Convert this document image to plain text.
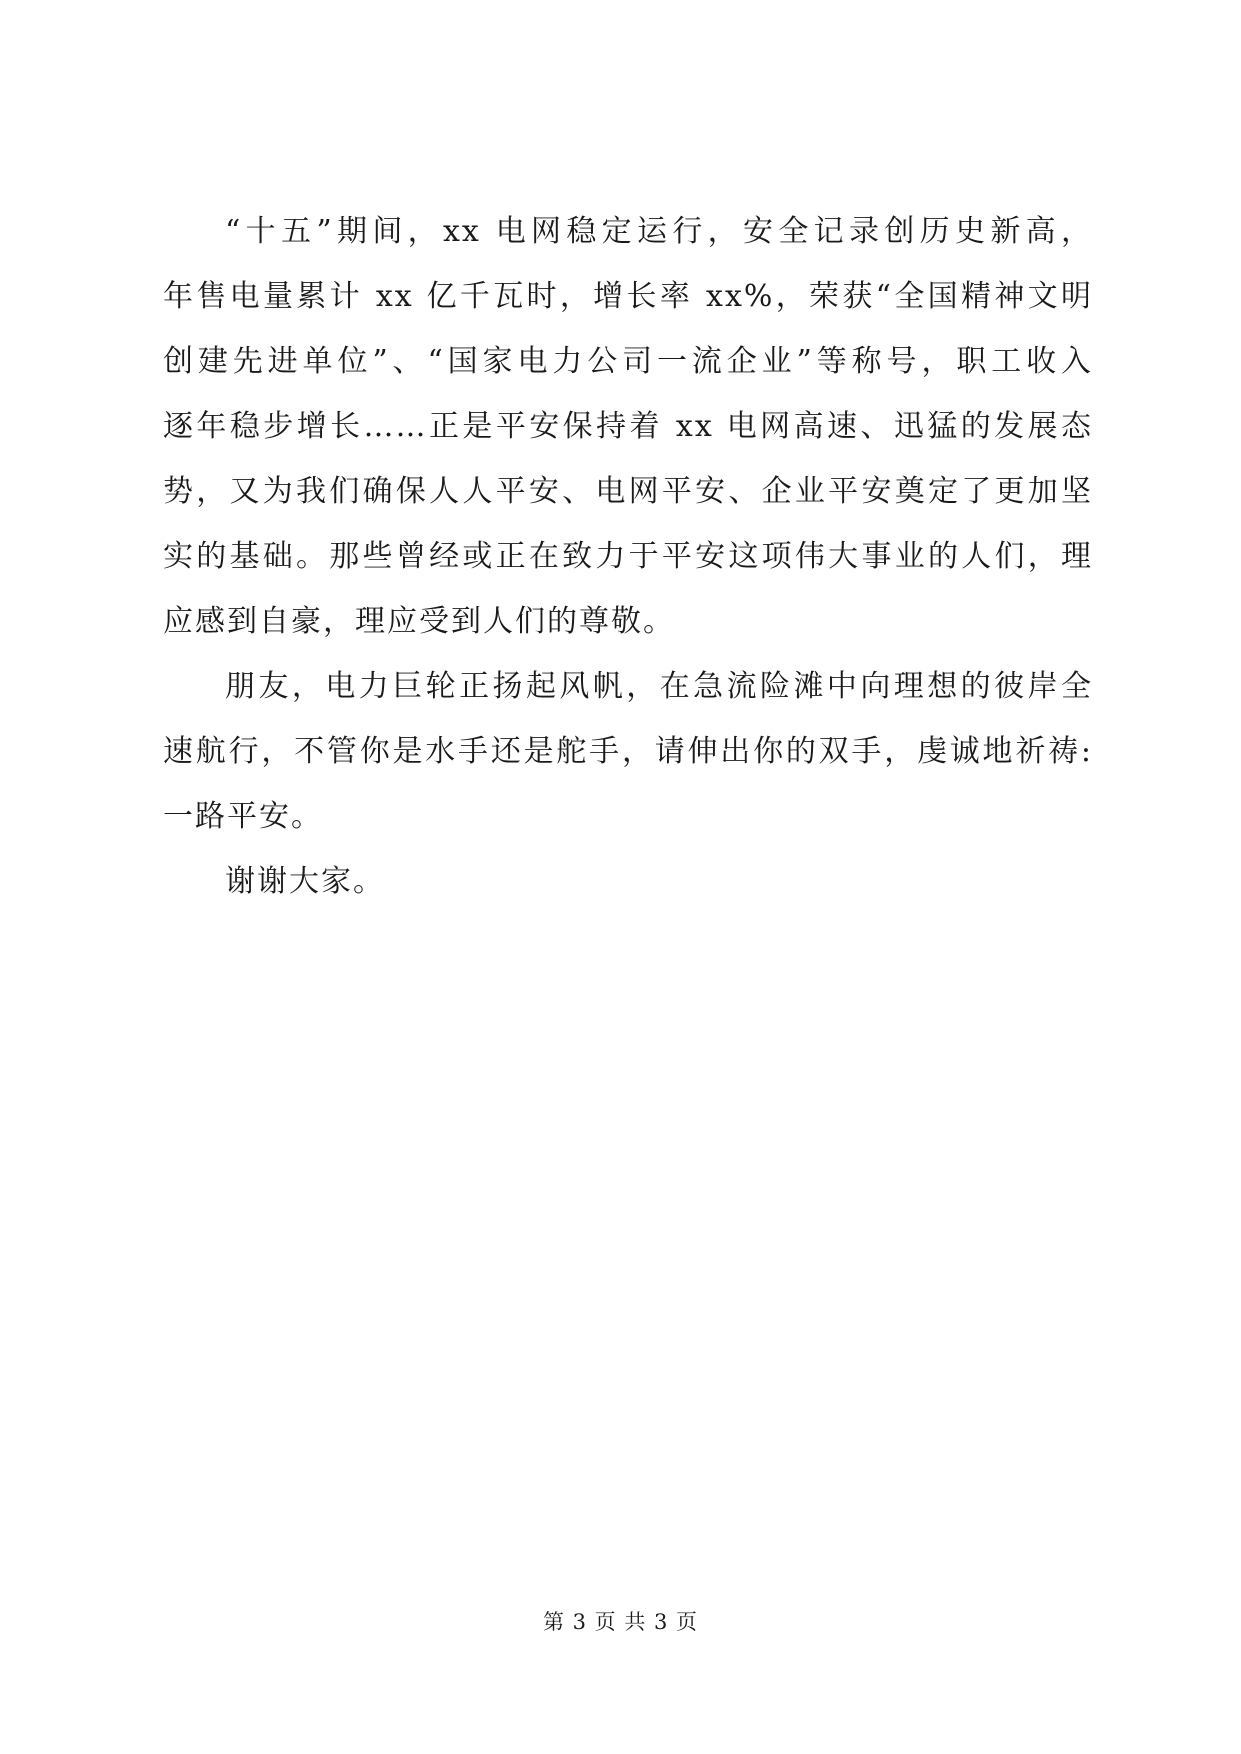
“十五”期间，xx 电网稳定运行，安全记录创历史新高，
年售电量累计 xx 亿千瓦时，增长率 xx%，荣获“全国精神文明
创建先进单位”、“国家电力公司一流企业”等称号，职工收入
逐年稳步增长……正是平安保持着 xx 电网高速、迅猛的发展态
势，又为我们确保人人平安、电网平安、企业平安奠定了更加坚
实的基础。那些曾经或正在致力于平安这项伟大事业的人们，理
应感到自豪，理应受到人们的尊敬。
朋友，电力巨轮正扬起风帆，在急流险滩中向理想的彼岸全
速航行，不管你是水手还是舵手，请伸出你的双手，虔诚地祈祷:
一路平安。
谢谢大家。
第 3 页 共 3 页
